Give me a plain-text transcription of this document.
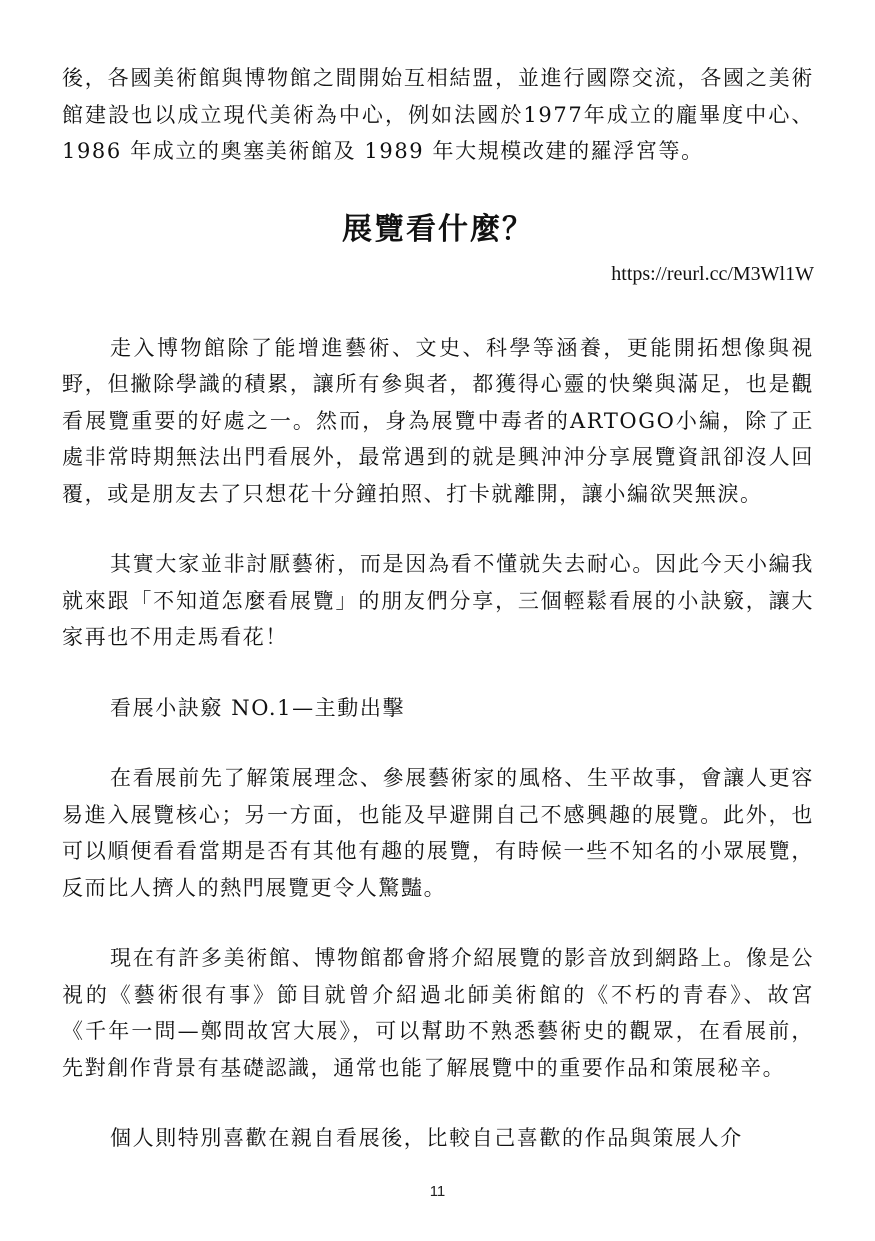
後，各國美術館與博物館之間開始互相結盟，並進行國際交流，各國之美術館建設也以成立現代美術為中心，例如法國於1977年成立的龐畢度中心、1986 年成立的奧塞美術館及 1989 年大規模改建的羅浮宮等。

展覽看什麼？
https://reurl.cc/M3Wl1W

走入博物館除了能增進藝術、文史、科學等涵養，更能開拓想像與視野，但撇除學識的積累，讓所有參與者，都獲得心靈的快樂與滿足，也是觀看展覽重要的好處之一。然而，身為展覽中毒者的ARTOGO小編，除了正處非常時期無法出門看展外，最常遇到的就是興沖沖分享展覽資訊卻沒人回覆，或是朋友去了只想花十分鐘拍照、打卡就離開，讓小編欲哭無淚。

其實大家並非討厭藝術，而是因為看不懂就失去耐心。因此今天小編我就來跟「不知道怎麼看展覽」的朋友們分享，三個輕鬆看展的小訣竅，讓大家再也不用走馬看花！

看展小訣竅 NO.1—主動出擊

在看展前先了解策展理念、參展藝術家的風格、生平故事，會讓人更容易進入展覽核心；另一方面，也能及早避開自己不感興趣的展覽。此外，也可以順便看看當期是否有其他有趣的展覽，有時候一些不知名的小眾展覽，反而比人擠人的熱門展覽更令人驚豔。

現在有許多美術館、博物館都會將介紹展覽的影音放到網路上。像是公視的《藝術很有事》節目就曾介紹過北師美術館的《不朽的青春》、故宮《千年一問—鄭問故宮大展》，可以幫助不熟悉藝術史的觀眾，在看展前，先對創作背景有基礎認識，通常也能了解展覽中的重要作品和策展秘辛。

個人則特別喜歡在親自看展後，比較自己喜歡的作品與策展人介

11
